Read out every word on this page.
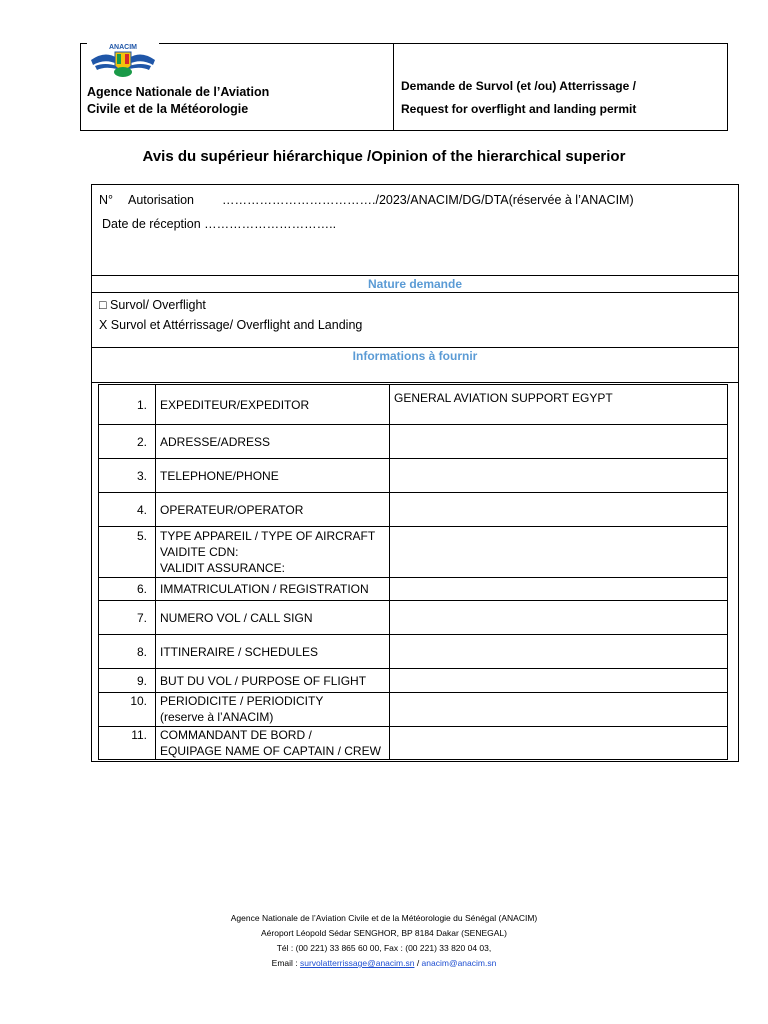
ANACIM
Agence Nationale de l’Aviation
Civile et de la Météorologie
Demande de Survol (et /ou) Atterrissage /
Request for overflight and landing permit
Avis du supérieur hiérarchique /Opinion of the hierarchical superior
N° Autorisation ………………………………./2023/ANACIM/DG/DTA(réservée à l’ANACIM)
Date de réception …………………………..
Nature demande
□ Survol/ Overflight
X Survol et Attérrissage/ Overflight and Landing
Informations à fournir
1.	EXPEDITEUR/EXPEDITOR	GENERAL AVIATION SUPPORT EGYPT
2.	ADRESSE/ADRESS	

3.	TELEPHONE/PHONE	

4.	OPERATEUR/OPERATOR	

5.	TYPE APPAREIL / TYPE OF AIRCRAFT
VAIDITE CDN:
VALIDIT ASSURANCE:	

6.	IMMATRICULATION / REGISTRATION	

7.	NUMERO VOL / CALL SIGN	

8.	ITTINERAIRE / SCHEDULES	

9.	BUT DU VOL / PURPOSE OF FLIGHT	

10.	PERIODICITE / PERIODICITY
(reserve à l’ANACIM)	

11.	COMMANDANT DE BORD /
EQUIPAGE NAME OF CAPTAIN / CREW	

Agence Nationale de l’Aviation Civile et de la Météorologie du Sénégal (ANACIM)
Aéroport Léopold Sédar SENGHOR, BP 8184 Dakar (SENEGAL)
Tél : (00 221) 33 865 60 00, Fax : (00 221) 33 820 04 03,
Email : survolatterrissage@anacim.sn / anacim@anacim.sn
